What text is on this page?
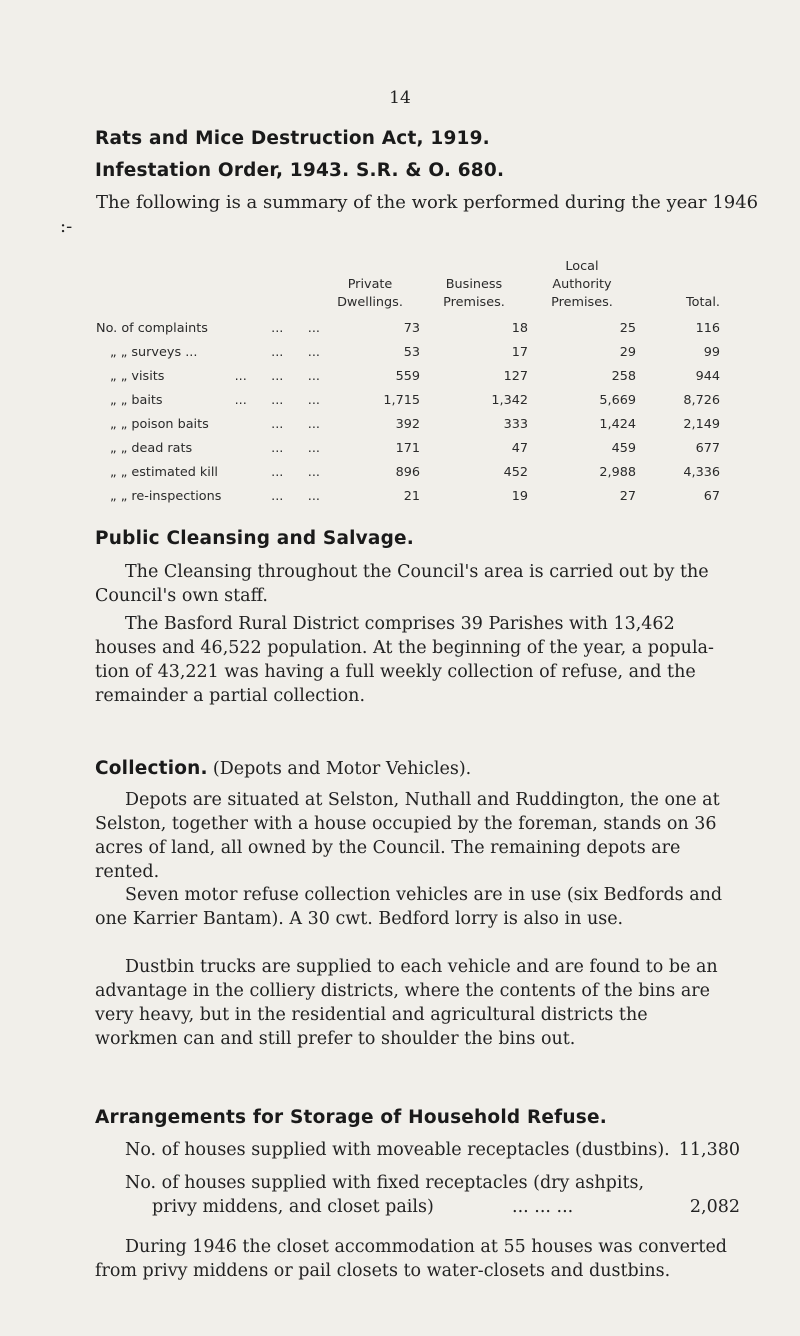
14
Rats and Mice Destruction Act, 1919.
Infestation Order, 1943. S.R. & O. 680.
The following is a summary of the work performed during the year 1946 :-
			Local	
	Private	Business	Authority	
	Dwellings.	Premises.	Premises.	Total.
No. of complaints ...      ...	73	18	25	116
„ „ surveys ... ...      ...	53	17	29	99
„ „ visits ...      ...      ...	559	127	258	944
„ „ baits ...      ...      ...	1,715	1,342	5,669	8,726
„ „ poison baits ...      ...	392	333	1,424	2,149
„ „ dead rats ...      ...	171	47	459	677
„ „ estimated kill ...      ...	896	452	2,988	4,336
„ „ re-inspections ...      ...	21	19	27	67
Public Cleansing and Salvage.
The Cleansing throughout the Council's area is carried out by the Council's own staff.
The Basford Rural District comprises 39 Parishes with 13,462 houses and 46,522 population. At the beginning of the year, a popula-tion of 43,221 was having a full weekly collection of refuse, and the remainder a partial collection.
Collection. (Depots and Motor Vehicles).
Depots are situated at Selston, Nuthall and Ruddington, the one at Selston, together with a house occupied by the foreman, stands on 36 acres of land, all owned by the Council. The remaining depots are rented.
Seven motor refuse collection vehicles are in use (six Bedfords and one Karrier Bantam). A 30 cwt. Bedford lorry is also in use.
Dustbin trucks are supplied to each vehicle and are found to be an advantage in the colliery districts, where the contents of the bins are very heavy, but in the residential and agricultural districts the workmen can and still prefer to shoulder the bins out.
Arrangements for Storage of Household Refuse.
No. of houses supplied with moveable receptacles (dustbins). 11,380
No. of houses supplied with fixed receptacles (dry ashpits,
privy middens, and closet pails)	... ... ...	2,082
During 1946 the closet accommodation at 55 houses was converted from privy middens or pail closets to water-closets and dustbins.
